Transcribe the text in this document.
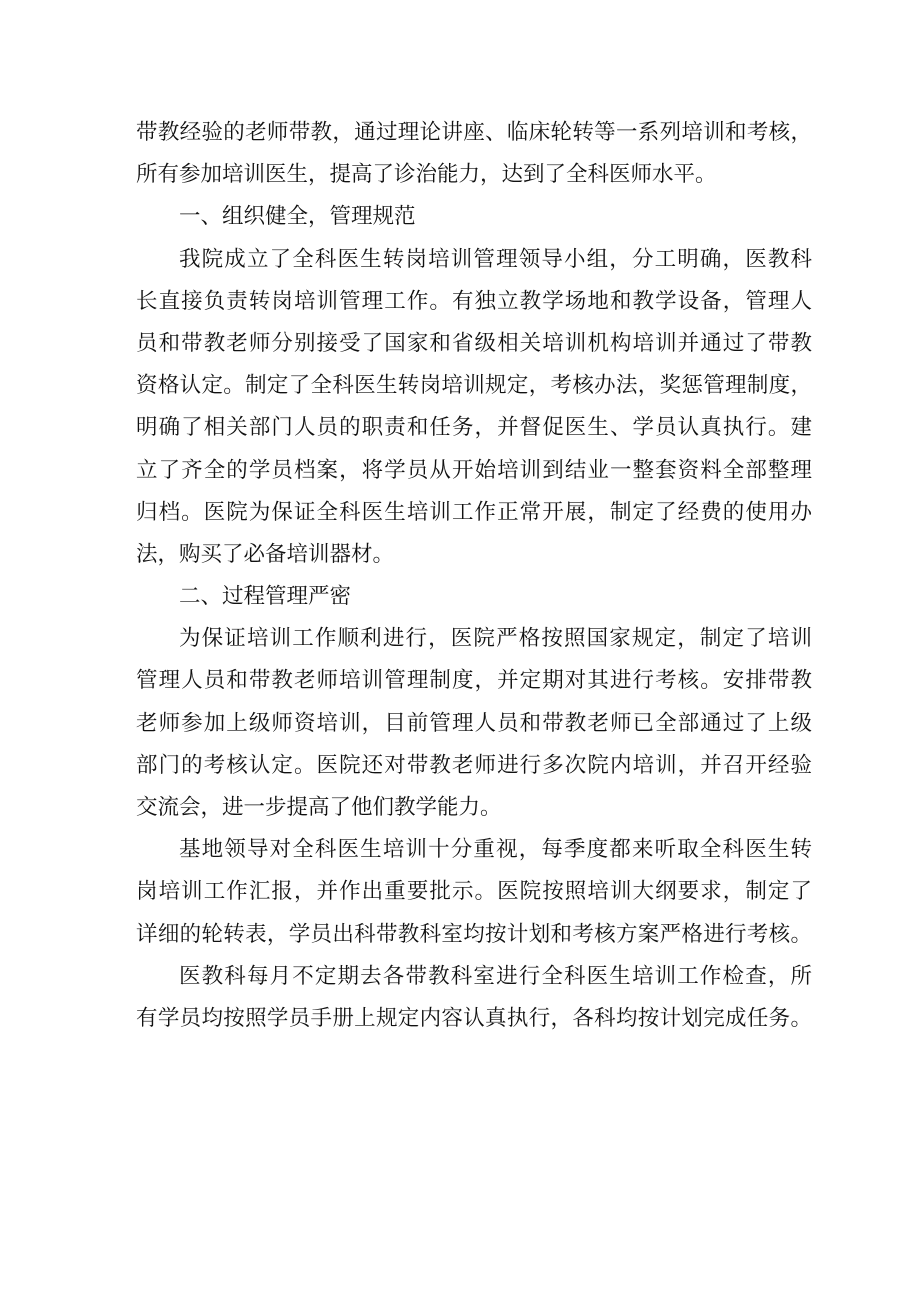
带教经验的老师带教，通过理论讲座、临床轮转等一系列培训和考核，
所有参加培训医生，提高了诊治能力，达到了全科医师水平。
一、组织健全，管理规范
我院成立了全科医生转岗培训管理领导小组，分工明确，医教科
长直接负责转岗培训管理工作。有独立教学场地和教学设备，管理人
员和带教老师分别接受了国家和省级相关培训机构培训并通过了带教
资格认定。制定了全科医生转岗培训规定，考核办法，奖惩管理制度，
明确了相关部门人员的职责和任务，并督促医生、学员认真执行。建
立了齐全的学员档案，将学员从开始培训到结业一整套资料全部整理
归档。医院为保证全科医生培训工作正常开展，制定了经费的使用办
法，购买了必备培训器材。
二、过程管理严密
为保证培训工作顺利进行，医院严格按照国家规定，制定了培训
管理人员和带教老师培训管理制度，并定期对其进行考核。安排带教
老师参加上级师资培训，目前管理人员和带教老师已全部通过了上级
部门的考核认定。医院还对带教老师进行多次院内培训，并召开经验
交流会，进一步提高了他们教学能力。
基地领导对全科医生培训十分重视，每季度都来听取全科医生转
岗培训工作汇报，并作出重要批示。医院按照培训大纲要求，制定了
详细的轮转表，学员出科带教科室均按计划和考核方案严格进行考核。
医教科每月不定期去各带教科室进行全科医生培训工作检查，所
有学员均按照学员手册上规定内容认真执行，各科均按计划完成任务。
